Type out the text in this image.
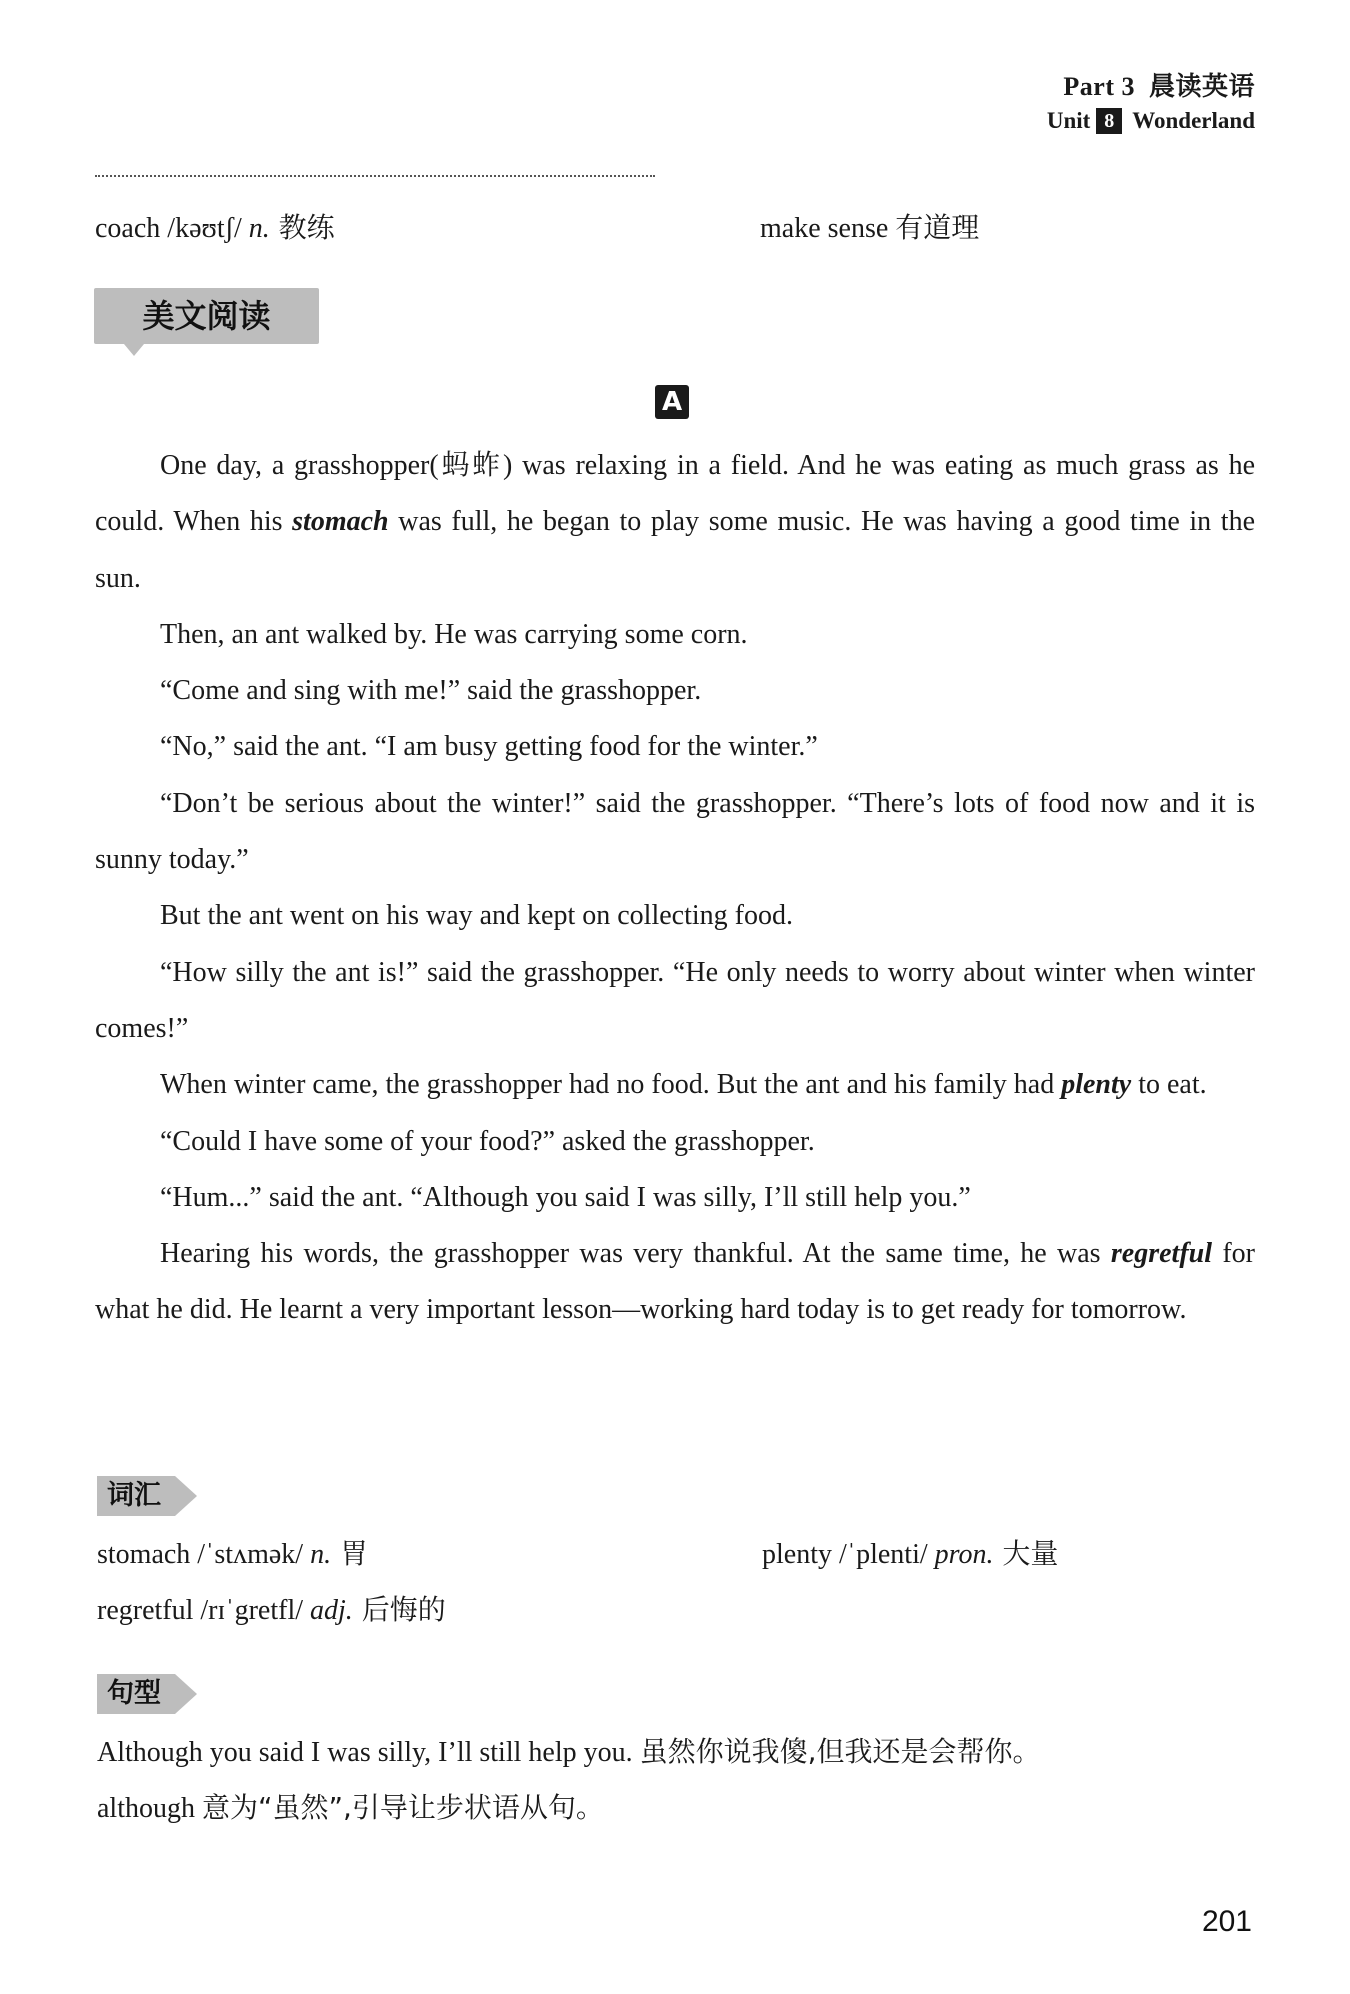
Part 3 晨读英语
Unit 8 Wonderland
coach /kəʊtʃ/ n. 教练	make sense 有道理
美文阅读
A

One day, a grasshopper(蚂蚱) was relaxing in a field. And he was eating as much grass as he could. When his stomach was full, he began to play some music. He was having a good time in the sun.

Then, an ant walked by. He was carrying some corn.

“Come and sing with me!” said the grasshopper.

“No,” said the ant. “I am busy getting food for the winter.”

“Don’t be serious about the winter!” said the grasshopper. “There’s lots of food now and it is sunny today.”

But the ant went on his way and kept on collecting food.

“How silly the ant is!” said the grasshopper. “He only needs to worry about winter when winter comes!”

When winter came, the grasshopper had no food. But the ant and his family had plenty to eat.

“Could I have some of your food?” asked the grasshopper.

“Hum...” said the ant. “Although you said I was silly, I’ll still help you.”

Hearing his words, the grasshopper was very thankful. At the same time, he was regretful for what he did. He learnt a very important lesson—working hard today is to get ready for tomorrow.

词汇
stomach /ˈstʌmək/ n. 胃	plenty /ˈplenti/ pron. 大量
regretful /rɪˈgretfl/ adj. 后悔的
句型
Although you said I was silly, I’ll still help you. 虽然你说我傻,但我还是会帮你。
although 意为“虽然”,引导让步状语从句。
201
